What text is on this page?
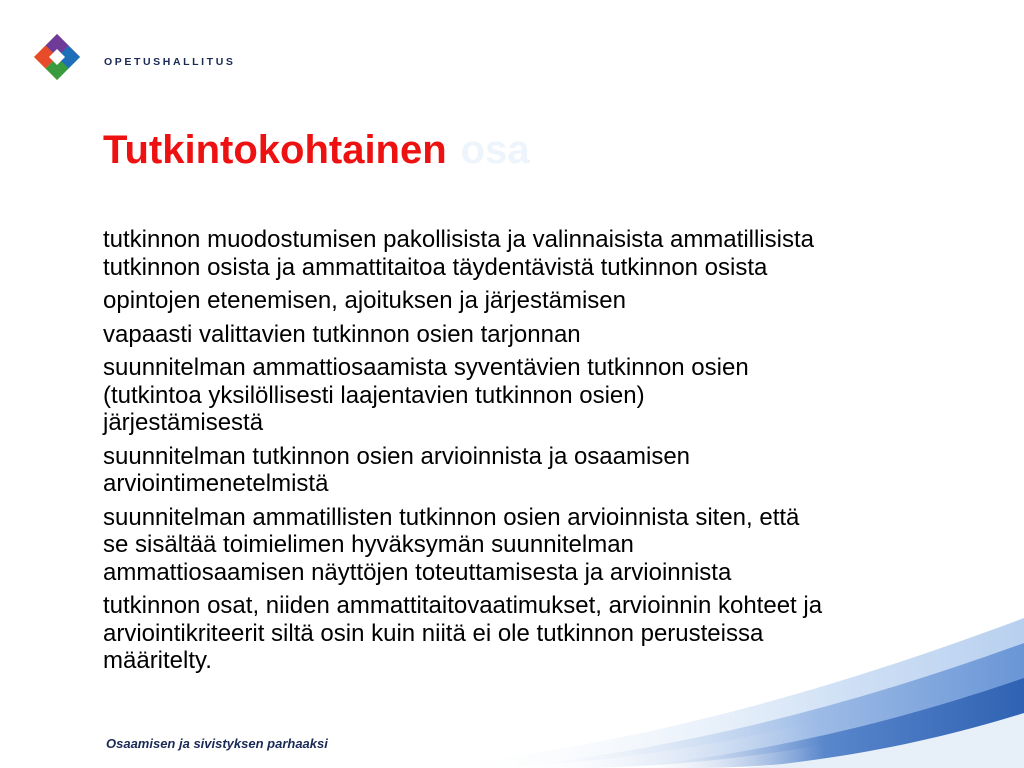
OPETUSHALLITUS
Tutkintokohtainen osa
tutkinnon muodostumisen pakollisista ja valinnaisista ammatillisista
tutkinnon osista ja ammattitaitoa täydentävistä tutkinnon osista
opintojen etenemisen, ajoituksen ja järjestämisen
vapaasti valittavien tutkinnon osien tarjonnan
suunnitelman ammattiosaamista syventävien tutkinnon osien
(tutkintoa yksilöllisesti laajentavien tutkinnon osien)
järjestämisestä
suunnitelman tutkinnon osien arvioinnista ja osaamisen
arviointimenetelmistä
suunnitelman ammatillisten tutkinnon osien arvioinnista siten, että
se sisältää toimielimen hyväksymän suunnitelman
ammattiosaamisen näyttöjen toteuttamisesta ja arvioinnista
tutkinnon osat, niiden ammattitaitovaatimukset, arvioinnin kohteet ja
arviointikriteerit siltä osin kuin niitä ei ole tutkinnon perusteissa
määritelty.
Osaamisen ja sivistyksen parhaaksi
